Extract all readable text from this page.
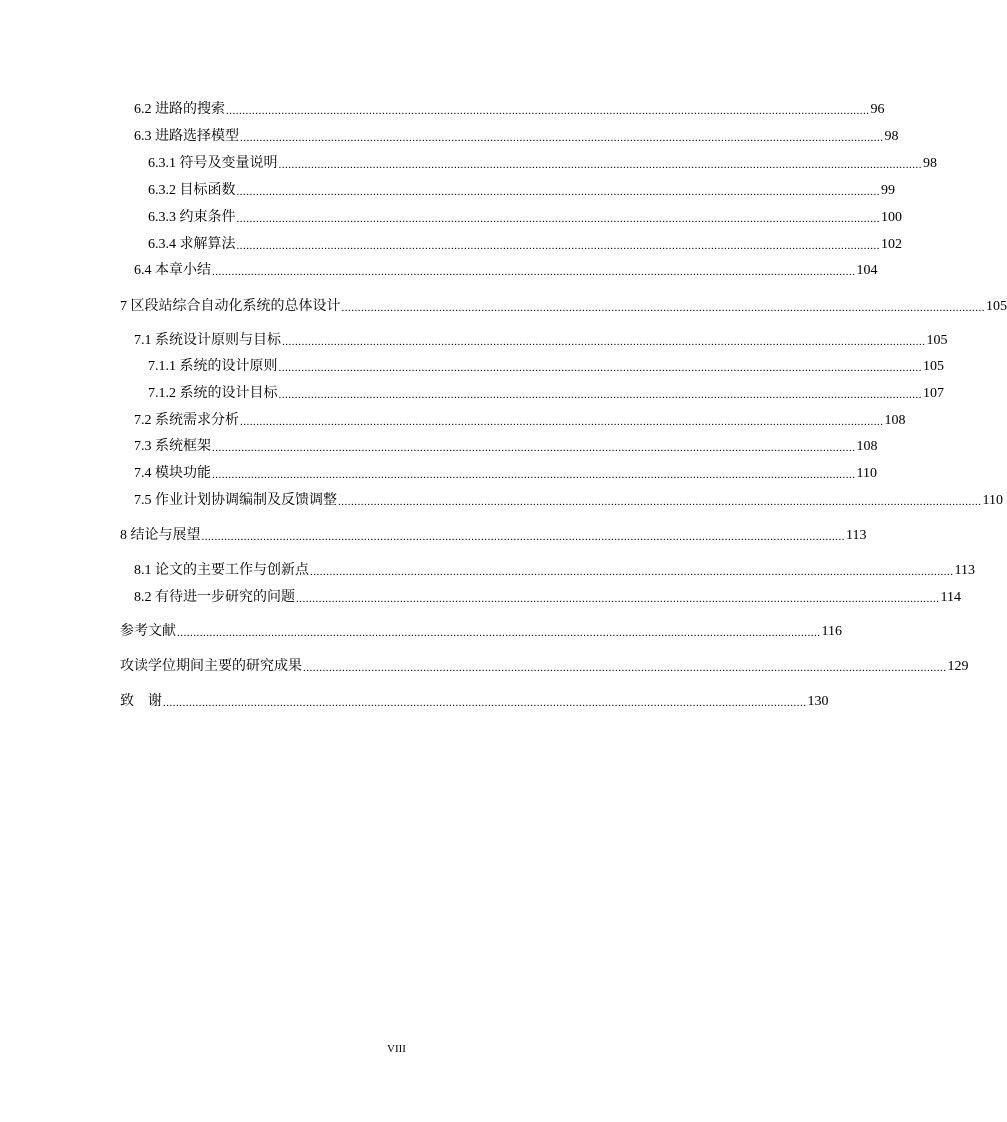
6.2 进路的搜索 ...................................................................................................................................................................................................... 96
6.3 进路选择模型 ...................................................................................................................................................................................................... 98
6.3.1 符号及变量说明 ...................................................................................................................................................................................................... 98
6.3.2 目标函数 ...................................................................................................................................................................................................... 99
6.3.3 约束条件 ...................................................................................................................................................................................................... 100
6.3.4 求解算法 ...................................................................................................................................................................................................... 102
6.4 本章小结 ...................................................................................................................................................................................................... 104
7 区段站综合自动化系统的总体设计 ...................................................................................................................................................................................................... 105
7.1 系统设计原则与目标 ...................................................................................................................................................................................................... 105
7.1.1 系统的设计原则 ...................................................................................................................................................................................................... 105
7.1.2 系统的设计目标 ...................................................................................................................................................................................................... 107
7.2 系统需求分析 ...................................................................................................................................................................................................... 108
7.3 系统框架 ...................................................................................................................................................................................................... 108
7.4 模块功能 ...................................................................................................................................................................................................... 110
7.5 作业计划协调编制及反馈调整 ...................................................................................................................................................................................................... 110
8 结论与展望 ...................................................................................................................................................................................................... 113
8.1 论文的主要工作与创新点 ...................................................................................................................................................................................................... 113
8.2 有待进一步研究的问题 ...................................................................................................................................................................................................... 114
参考文献 ...................................................................................................................................................................................................... 116
攻读学位期间主要的研究成果 ...................................................................................................................................................................................................... 129
致    谢 ...................................................................................................................................................................................................... 130
VIII
